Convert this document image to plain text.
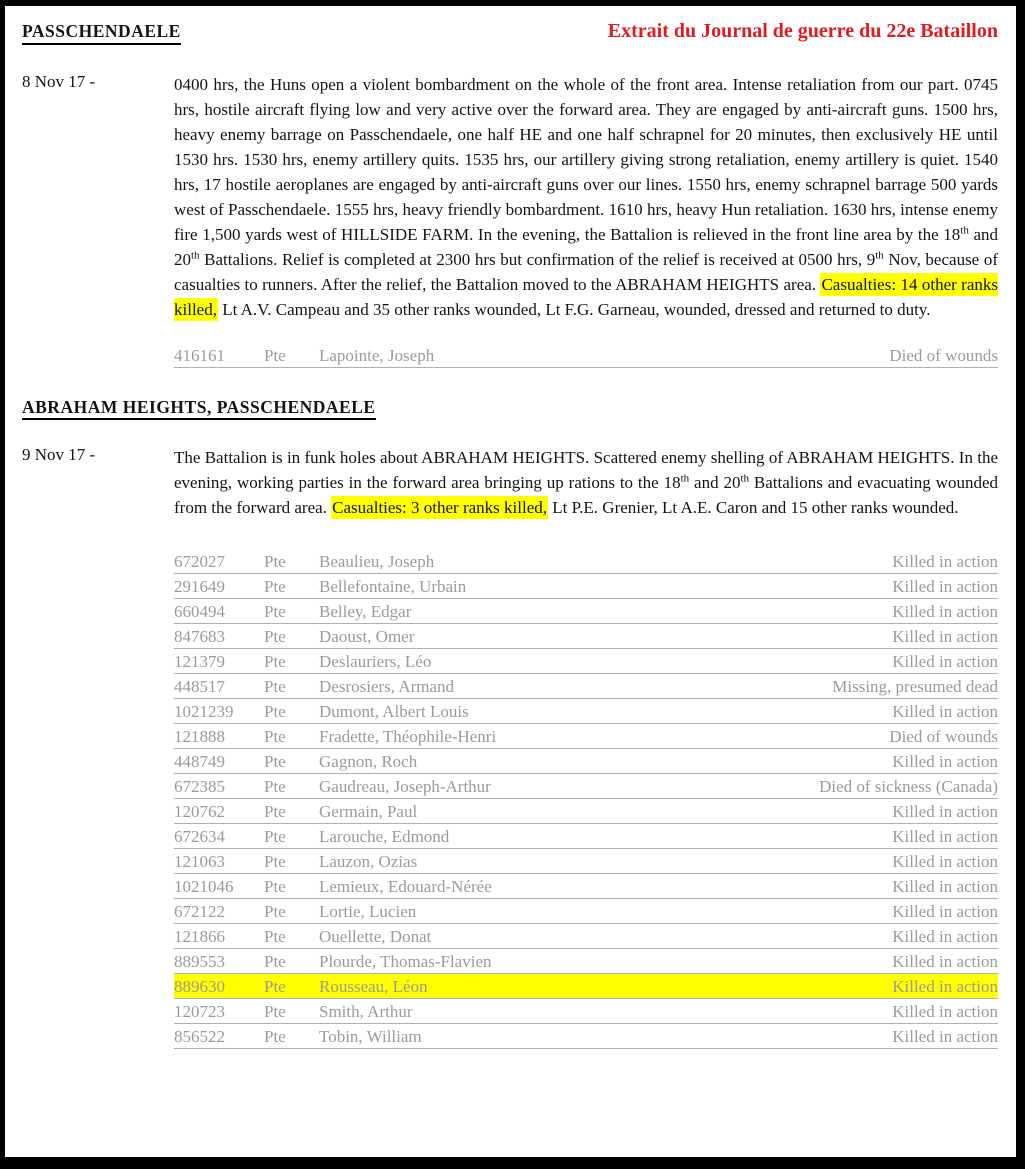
PASSCHENDAELE	Extrait du Journal de guerre du 22e Bataillon
8 Nov 17 -	0400 hrs, the Huns open a violent bombardment on the whole of the front area. Intense retaliation from our part. 0745 hrs, hostile aircraft flying low and very active over the forward area. They are engaged by anti-aircraft guns. 1500 hrs, heavy enemy barrage on Passchendaele, one half HE and one half schrapnel for 20 minutes, then exclusively HE until 1530 hrs. 1530 hrs, enemy artillery quits. 1535 hrs, our artillery giving strong retaliation, enemy artillery is quiet. 1540 hrs, 17 hostile aeroplanes are engaged by anti-aircraft guns over our lines. 1550 hrs, enemy schrapnel barrage 500 yards west of Passchendaele. 1555 hrs, heavy friendly bombardment. 1610 hrs, heavy Hun retaliation. 1630 hrs, intense enemy fire 1,500 yards west of HILLSIDE FARM. In the evening, the Battalion is relieved in the front line area by the 18th and 20th Battalions. Relief is completed at 2300 hrs but confirmation of the relief is received at 0500 hrs, 9th Nov, because of casualties to runners. After the relief, the Battalion moved to the ABRAHAM HEIGHTS area. Casualties: 14 other ranks killed, Lt A.V. Campeau and 35 other ranks wounded, Lt F.G. Garneau, wounded, dressed and returned to duty.

416161	Pte	Lapointe, Joseph	Died of wounds
ABRAHAM HEIGHTS, PASSCHENDAELE
9 Nov 17 -	The Battalion is in funk holes about ABRAHAM HEIGHTS. Scattered enemy shelling of ABRAHAM HEIGHTS. In the evening, working parties in the forward area bringing up rations to the 18th and 20th Battalions and evacuating wounded from the forward area. Casualties: 3 other ranks killed, Lt P.E. Grenier, Lt A.E. Caron and 15 other ranks wounded.

672027	Pte	Beaulieu, Joseph	Killed in action
291649	Pte	Bellefontaine, Urbain	Killed in action
660494	Pte	Belley, Edgar	Killed in action
847683	Pte	Daoust, Omer	Killed in action
121379	Pte	Deslauriers, Léo	Killed in action
448517	Pte	Desrosiers, Armand	Missing, presumed dead
1021239	Pte	Dumont, Albert Louis	Killed in action
121888	Pte	Fradette, Théophile-Henri	Died of wounds
448749	Pte	Gagnon, Roch	Killed in action
672385	Pte	Gaudreau, Joseph-Arthur	Died of sickness (Canada)
120762	Pte	Germain, Paul	Killed in action
672634	Pte	Larouche, Edmond	Killed in action
121063	Pte	Lauzon, Ozias	Killed in action
1021046	Pte	Lemieux, Edouard-Nérée	Killed in action
672122	Pte	Lortie, Lucien	Killed in action
121866	Pte	Ouellette, Donat	Killed in action
889553	Pte	Plourde, Thomas-Flavien	Killed in action
889630	Pte	Rousseau, Léon	Killed in action
120723	Pte	Smith, Arthur	Killed in action
856522	Pte	Tobin, William	Killed in action
